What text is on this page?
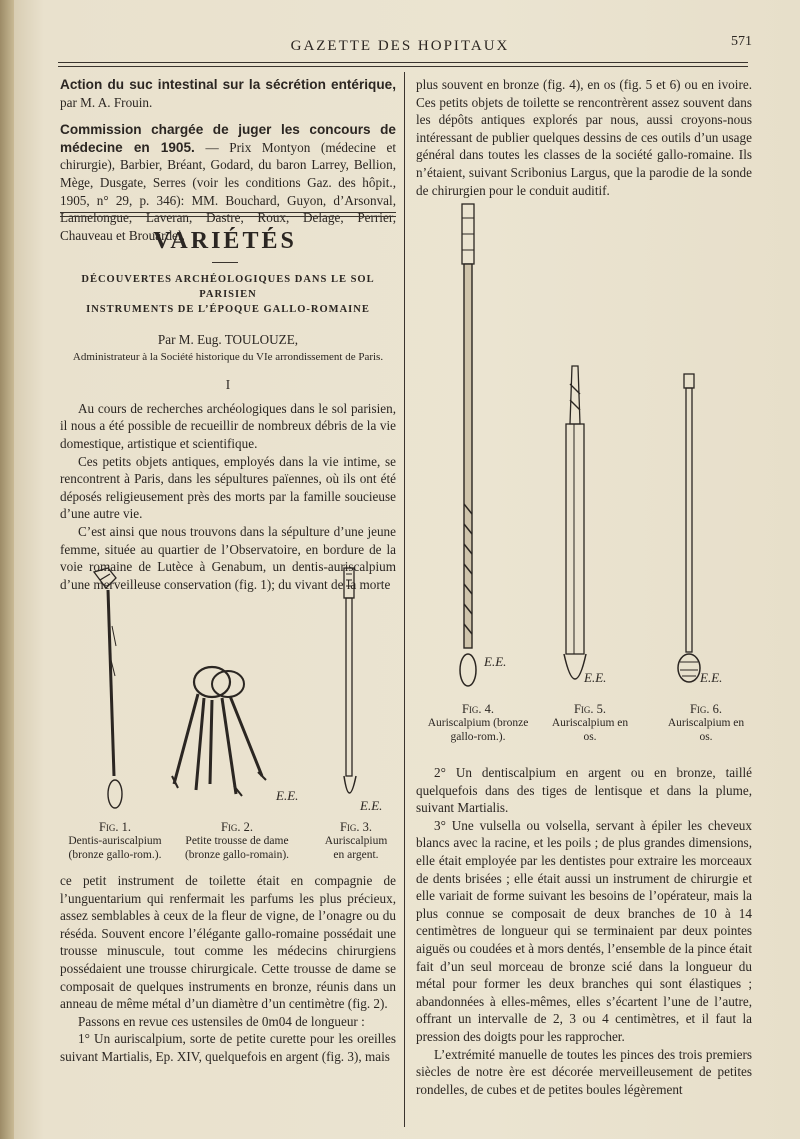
GAZETTE DES HOPITAUX	571

Action du suc intestinal sur la sécrétion entérique, par M. A. Frouin.

Commission chargée de juger les concours de médecine en 1905. — Prix Montyon (médecine et chirurgie), Barbier, Bréant, Godard, du baron Larrey, Bellion, Mège, Dusgate, Serres (voir les conditions Gaz. des hôpit., 1905, n° 29, p. 346): MM. Bouchard, Guyon, d’Arsonval, Lannelongue, Laveran, Dastre, Roux, Delage, Perrier, Chauveau et Brouardel.

VARIÉTÉS
DÉCOUVERTES ARCHÉOLOGIQUES DANS LE SOL PARISIEN
INSTRUMENTS DE L’ÉPOQUE GALLO-ROMAINE
Par M. Eug. TOULOUZE,
Administrateur à la Société historique du VIe arrondissement de Paris.
I

Au cours de recherches archéologiques dans le sol parisien, il nous a été possible de recueillir de nombreux débris de la vie domestique, artistique et scientifique.

Ces petits objets antiques, employés dans la vie intime, se rencontrent à Paris, dans les sépultures païennes, où ils ont été déposés religieusement près des morts par la famille soucieuse d’une autre vie.

C’est ainsi que nous trouvons dans la sépulture d’une jeune femme, située au quartier de l’Observatoire, en bordure de la voie romaine de Lutèce à Genabum, un dentis-auriscalpium d’une merveilleuse conservation (fig. 1); du vivant de la morte

E.E.
E.E.
Fig. 1.
Dentis-auriscalpium (bronze gallo-rom.).
Fig. 2.
Petite trousse de dame (bronze gallo-romain).
Fig. 3.
Auriscalpium en argent.

ce petit instrument de toilette était en compagnie de l’unguentarium qui renfermait les parfums les plus précieux, assez semblables à ceux de la fleur de vigne, de l’onagre ou du réséda. Souvent encore l’élégante gallo-romaine possédait une trousse minuscule, tout comme les médecins chirurgiens possédaient une trousse chirurgicale. Cette trousse de dame se composait de quelques instruments en bronze, réunis dans un anneau de même métal d’un diamètre d’un centimètre (fig. 2).

Passons en revue ces ustensiles de 0m04 de longueur :

1° Un auriscalpium, sorte de petite curette pour les oreilles suivant Martialis, Ep. XIV, quelquefois en argent (fig. 3), mais

plus souvent en bronze (fig. 4), en os (fig. 5 et 6) ou en ivoire. Ces petits objets de toilette se rencontrèrent assez souvent dans les dépôts antiques explorés par nous, aussi croyons-nous intéressant de publier quelques dessins de ces outils d’un usage général dans toutes les classes de la société gallo-romaine. Ils n’étaient, suivant Scribonius Largus, que la parodie de la sonde de chirurgien pour le conduit auditif.

E.E.
E.E.	E.E.
Fig. 4.
Auriscalpium (bronze gallo-rom.).
Fig. 5.
Auriscalpium en os.
Fig. 6.
Auriscalpium en os.

2° Un dentiscalpium en argent ou en bronze, taillé quelquefois dans des tiges de lentisque et dans la plume, suivant Martialis.

3° Une vulsella ou volsella, servant à épiler les cheveux blancs avec la racine, et les poils ; de plus grandes dimensions, elle était employée par les dentistes pour extraire les morceaux de dents brisées ; elle était aussi un instrument de chirurgie et elle variait de forme suivant les besoins de l’opérateur, mais la plus connue se composait de deux branches de 10 à 14 centimètres de longueur qui se terminaient par deux pointes aiguës ou coudées et à mors dentés, l’ensemble de la pince était fait d’un seul morceau de bronze scié dans la longueur du métal pour former les deux branches qui sont élastiques ; abandonnées à elles-mêmes, elles s’écartent l’une de l’autre, offrant un intervalle de 2, 3 ou 4 centimètres, et il faut la pression des doigts pour les rapprocher.

L’extrémité manuelle de toutes les pinces des trois premiers siècles de notre ère est décorée merveilleusement de petites rondelles, de cubes et de petites boules légèrement
